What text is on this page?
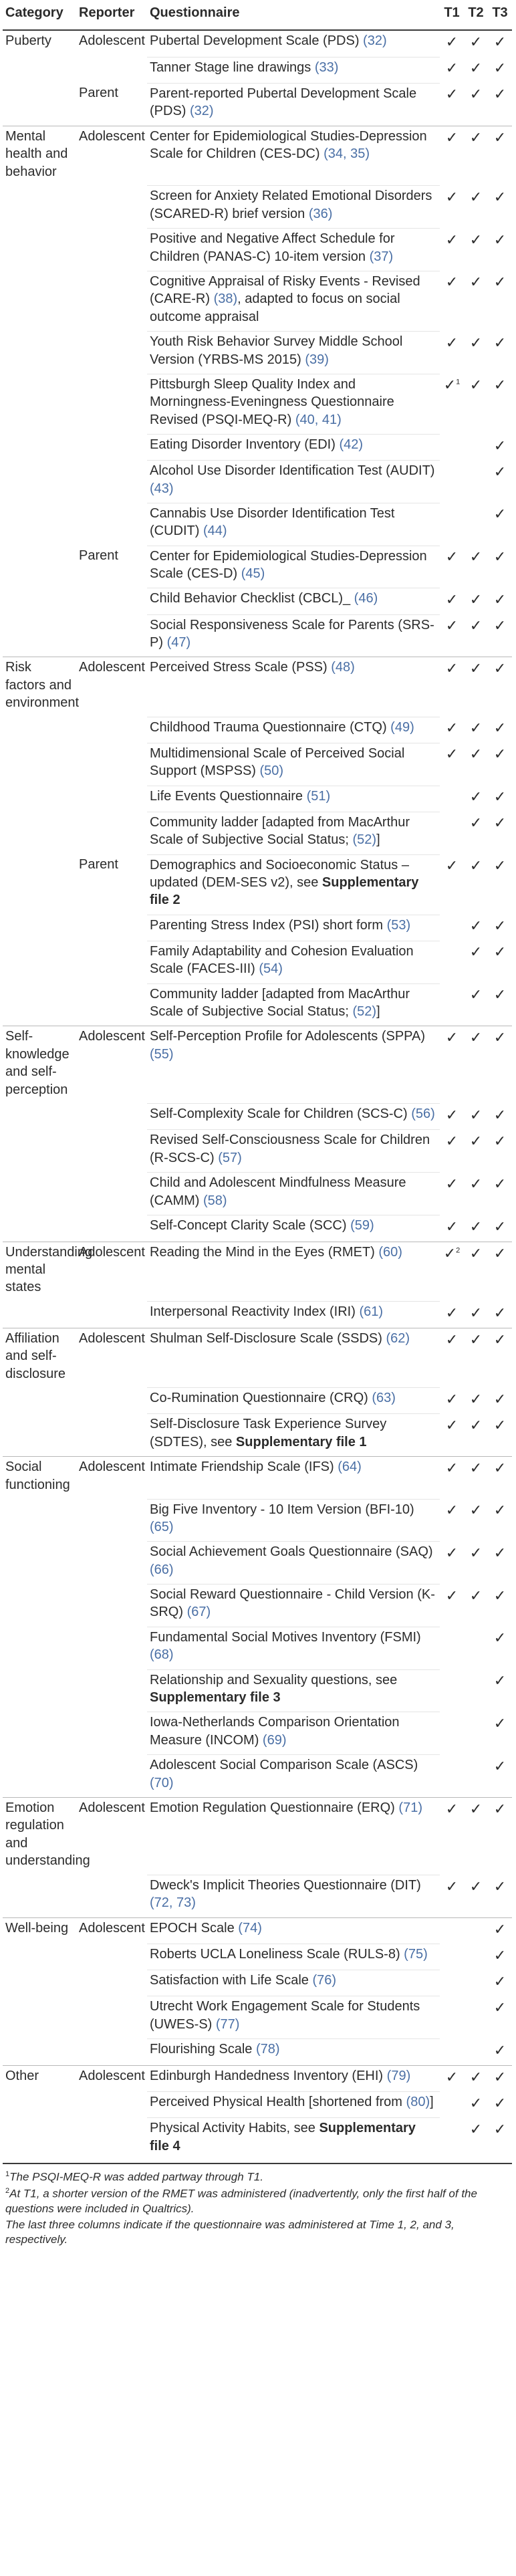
Category	Reporter	Questionnaire	T1	T2	T3
Puberty	Adolescent	Pubertal Development Scale (PDS) (32)	✓	✓	✓
		Tanner Stage line drawings (33)	✓	✓	✓
	Parent	Parent-reported Pubertal Development Scale (PDS) (32)	✓	✓	✓
Mental health and behavior	Adolescent	Center for Epidemiological Studies-Depression Scale for Children (CES-DC) (34, 35)	✓	✓	✓
		Screen for Anxiety Related Emotional Disorders (SCARED-R) brief version (36)	✓	✓	✓
		Positive and Negative Affect Schedule for Children (PANAS-C) 10-item version (37)	✓	✓	✓
		Cognitive Appraisal of Risky Events - Revised (CARE-R) (38), adapted to focus on social outcome appraisal	✓	✓	✓
		Youth Risk Behavior Survey Middle School Version (YRBS-MS 2015) (39)	✓	✓	✓
		Pittsburgh Sleep Quality Index and Morningness-Eveningness Questionnaire Revised (PSQI-MEQ-R) (40, 41)	✓$^1$	✓	✓
		Eating Disorder Inventory (EDI) (42)			✓
		Alcohol Use Disorder Identification Test (AUDIT) (43)			✓
		Cannabis Use Disorder Identification Test (CUDIT) (44)			✓
	Parent	Center for Epidemiological Studies-Depression Scale (CES-D) (45)	✓	✓	✓
		Child Behavior Checklist (CBCL)_ (46)	✓	✓	✓
		Social Responsiveness Scale for Parents (SRS-P) (47)	✓	✓	✓
Risk factors and environment	Adolescent	Perceived Stress Scale (PSS) (48)	✓	✓	✓
		Childhood Trauma Questionnaire (CTQ) (49)	✓	✓	✓
		Multidimensional Scale of Perceived Social Support (MSPSS) (50)	✓	✓	✓
		Life Events Questionnaire (51)		✓	✓
		Community ladder [adapted from MacArthur Scale of Subjective Social Status; (52)]		✓	✓
	Parent	Demographics and Socioeconomic Status – updated (DEM-SES v2), see Supplementary file 2	✓	✓	✓
		Parenting Stress Index (PSI) short form (53)		✓	✓
		Family Adaptability and Cohesion Evaluation Scale (FACES-III) (54)		✓	✓
		Community ladder [adapted from MacArthur Scale of Subjective Social Status; (52)]		✓	✓
Self-knowledge and self-perception	Adolescent	Self-Perception Profile for Adolescents (SPPA) (55)	✓	✓	✓
		Self-Complexity Scale for Children (SCS-C) (56)	✓	✓	✓
		Revised Self-Consciousness Scale for Children (R-SCS-C) (57)	✓	✓	✓
		Child and Adolescent Mindfulness Measure (CAMM) (58)	✓	✓	✓
		Self-Concept Clarity Scale (SCC) (59)	✓	✓	✓
Understanding mental states	Adolescent	Reading the Mind in the Eyes (RMET) (60)	✓$^2$	✓	✓
		Interpersonal Reactivity Index (IRI) (61)	✓	✓	✓
Affiliation and self-disclosure	Adolescent	Shulman Self-Disclosure Scale (SSDS) (62)	✓	✓	✓
		Co-Rumination Questionnaire (CRQ) (63)	✓	✓	✓
		Self-Disclosure Task Experience Survey (SDTES), see Supplementary file 1	✓	✓	✓
Social functioning	Adolescent	Intimate Friendship Scale (IFS) (64)	✓	✓	✓
		Big Five Inventory - 10 Item Version (BFI-10) (65)	✓	✓	✓
		Social Achievement Goals Questionnaire (SAQ) (66)	✓	✓	✓
		Social Reward Questionnaire - Child Version (K-SRQ) (67)	✓	✓	✓
		Fundamental Social Motives Inventory (FSMI) (68)			✓
		Relationship and Sexuality questions, see Supplementary file 3			✓
		Iowa-Netherlands Comparison Orientation Measure (INCOM) (69)			✓
		Adolescent Social Comparison Scale (ASCS) (70)			✓
Emotion regulation and understanding	Adolescent	Emotion Regulation Questionnaire (ERQ) (71)	✓	✓	✓
		Dweck's Implicit Theories Questionnaire (DIT) (72, 73)	✓	✓	✓
Well-being	Adolescent	EPOCH Scale (74)			✓
		Roberts UCLA Loneliness Scale (RULS-8) (75)			✓
		Satisfaction with Life Scale (76)			✓
		Utrecht Work Engagement Scale for Students (UWES-S) (77)			✓
		Flourishing Scale (78)			✓
Other	Adolescent	Edinburgh Handedness Inventory (EHI) (79)	✓	✓	✓
		Perceived Physical Health [shortened from (80)]		✓	✓
		Physical Activity Habits, see Supplementary file 4		✓	✓

$^1$The PSQI-MEQ-R was added partway through T1.

$^2$At T1, a shorter version of the RMET was administered (inadvertently, only the first half of the questions were included in Qualtrics).

The last three columns indicate if the questionnaire was administered at Time 1, 2, and 3, respectively.
